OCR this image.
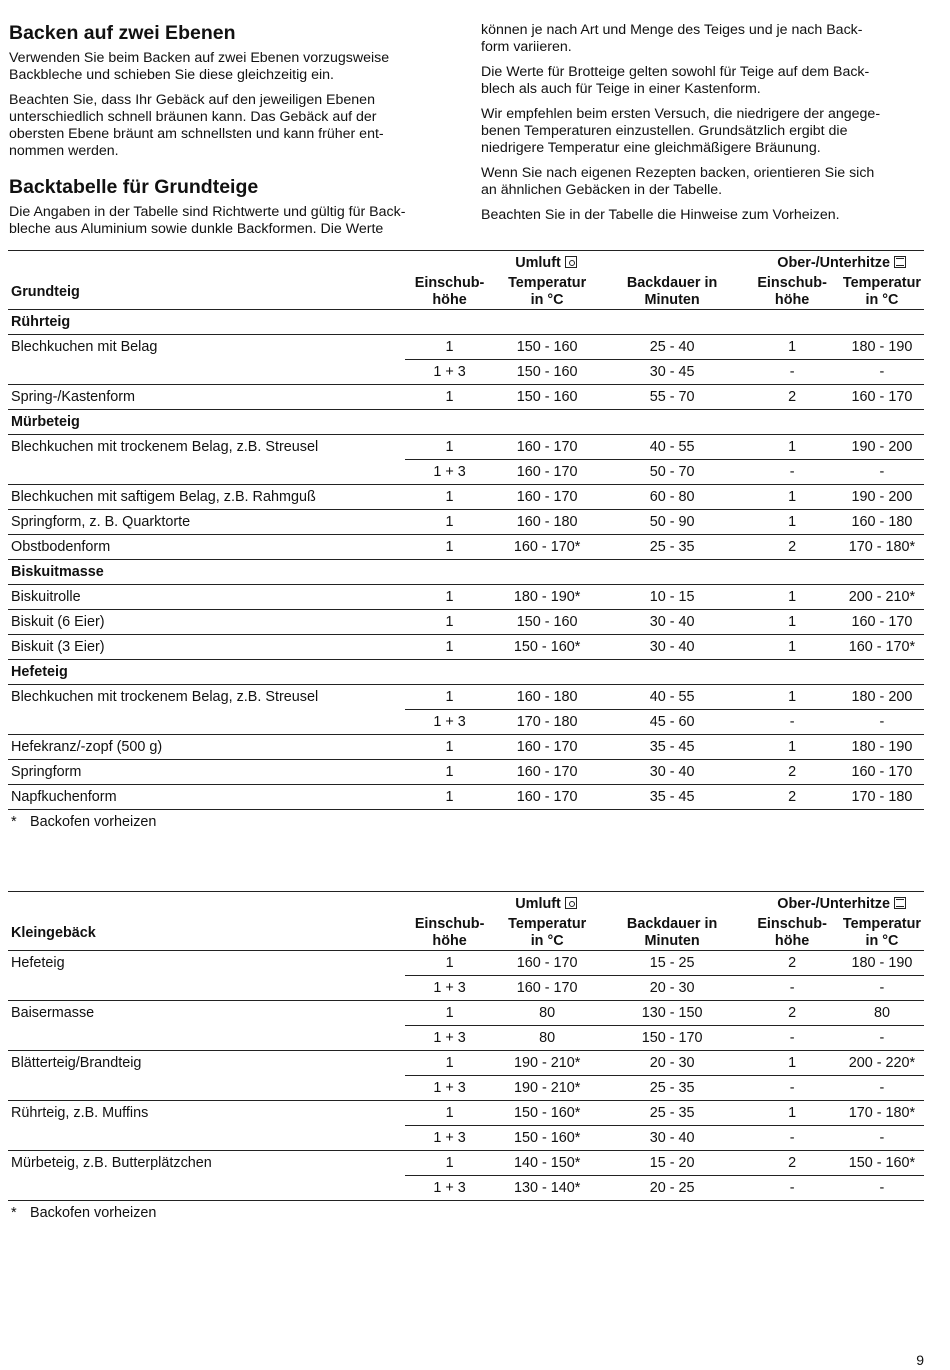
Backen auf zwei Ebenen

Verwenden Sie beim Backen auf zwei Ebenen vorzugsweise
Backbleche und schieben Sie diese gleichzeitig ein.

Beachten Sie, dass Ihr Gebäck auf den jeweiligen Ebenen
unterschiedlich schnell bräunen kann. Das Gebäck auf der
obersten Ebene bräunt am schnellsten und kann früher ent-
nommen werden.

Backtabelle für Grundteige

Die Angaben in der Tabelle sind Richtwerte und gültig für Back-
bleche aus Aluminium sowie dunkle Backformen. Die Werte

können je nach Art und Menge des Teiges und je nach Back-
form variieren.

Die Werte für Brotteige gelten sowohl für Teige auf dem Back-
blech als auch für Teige in einer Kastenform.

Wir empfehlen beim ersten Versuch, die niedrigere der angege-
benen Temperaturen einzustellen. Grundsätzlich ergibt die
niedrigere Temperatur eine gleichmäßigere Bräunung.

Wenn Sie nach eigenen Rezepten backen, orientieren Sie sich
an ähnlichen Gebäcken in der Tabelle.

Beachten Sie in der Tabelle die Hinweise zum Vorheizen.

	Umluft			Ober-/Unterhitze	
Grundteig	Einschub-
höhe	Temperatur
in °C	Backdauer in
Minuten	Einschub-
höhe	Temperatur
in °C
Rührteig					
Blechkuchen mit Belag	1	150 - 160	25 - 40	1	180 - 190
	1 + 3	150 - 160	30 - 45	-	-
Spring-/Kastenform	1	150 - 160	55 - 70	2	160 - 170
Mürbeteig					
Blechkuchen mit trockenem Belag, z.B. Streusel	1	160 - 170	40 - 55	1	190 - 200
	1 + 3	160 - 170	50 - 70	-	-
Blechkuchen mit saftigem Belag, z.B. Rahmguß	1	160 - 170	60 - 80	1	190 - 200
Springform, z. B. Quarktorte	1	160 - 180	50 - 90	1	160 - 180
Obstbodenform	1	160 - 170*	25 - 35	2	170 - 180*
Biskuitmasse					
Biskuitrolle	1	180 - 190*	10 - 15	1	200 - 210*
Biskuit (6 Eier)	1	150 - 160	30 - 40	1	160 - 170
Biskuit (3 Eier)	1	150 - 160*	30 - 40	1	160 - 170*
Hefeteig					
Blechkuchen mit trockenem Belag, z.B. Streusel	1	160 - 180	40 - 55	1	180 - 200
	1 + 3	170 - 180	45 - 60	-	-
Hefekranz/-zopf (500 g)	1	160 - 170	35 - 45	1	180 - 190
Springform	1	160 - 170	30 - 40	2	160 - 170
Napfkuchenform	1	160 - 170	35 - 45	2	170 - 180
* Backofen vorheizen					
	Umluft			Ober-/Unterhitze	
Kleingebäck	Einschub-
höhe	Temperatur
in °C	Backdauer in
Minuten	Einschub-
höhe	Temperatur
in °C
Hefeteig	1	160 - 170	15 - 25	2	180 - 190
	1 + 3	160 - 170	20 - 30	-	-
Baisermasse	1	80	130 - 150	2	80
	1 + 3	80	150 - 170	-	-
Blätterteig/Brandteig	1	190 - 210*	20 - 30	1	200 - 220*
	1 + 3	190 - 210*	25 - 35	-	-
Rührteig, z.B. Muffins	1	150 - 160*	25 - 35	1	170 - 180*
	1 + 3	150 - 160*	30 - 40	-	-
Mürbeteig, z.B. Butterplätzchen	1	140 - 150*	15 - 20	2	150 - 160*
	1 + 3	130 - 140*	20 - 25	-	-
* Backofen vorheizen					
9
